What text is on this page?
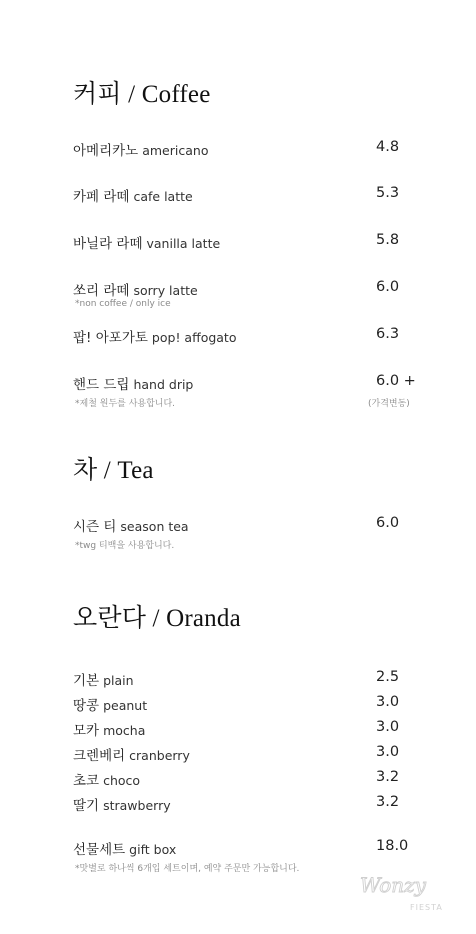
커피 / Coffee
아메리카노 americano	4.8
카페 라떼 cafe latte	5.3
바닐라 라떼 vanilla latte	5.8
쏘리 라떼 sorry latte	6.0
*non coffee / only ice
팝! 아포가토 pop! affogato	6.3
핸드 드립 hand drip	6.0 +
*제철 원두를 사용합니다.	(가격변동)
차 / Tea
시즌 티 season tea	6.0
*twg 티백을 사용합니다.
오란다 / Oranda
기본 plain	2.5
땅콩 peanut	3.0
모카 mocha	3.0
크렌베리 cranberry	3.0
초코 choco	3.2
딸기 strawberry	3.2
선물세트 gift box	18.0
*맛별로 하나씩 6개입 세트이며, 예약 주문만 가능합니다.
Wonzy
FIESTA
